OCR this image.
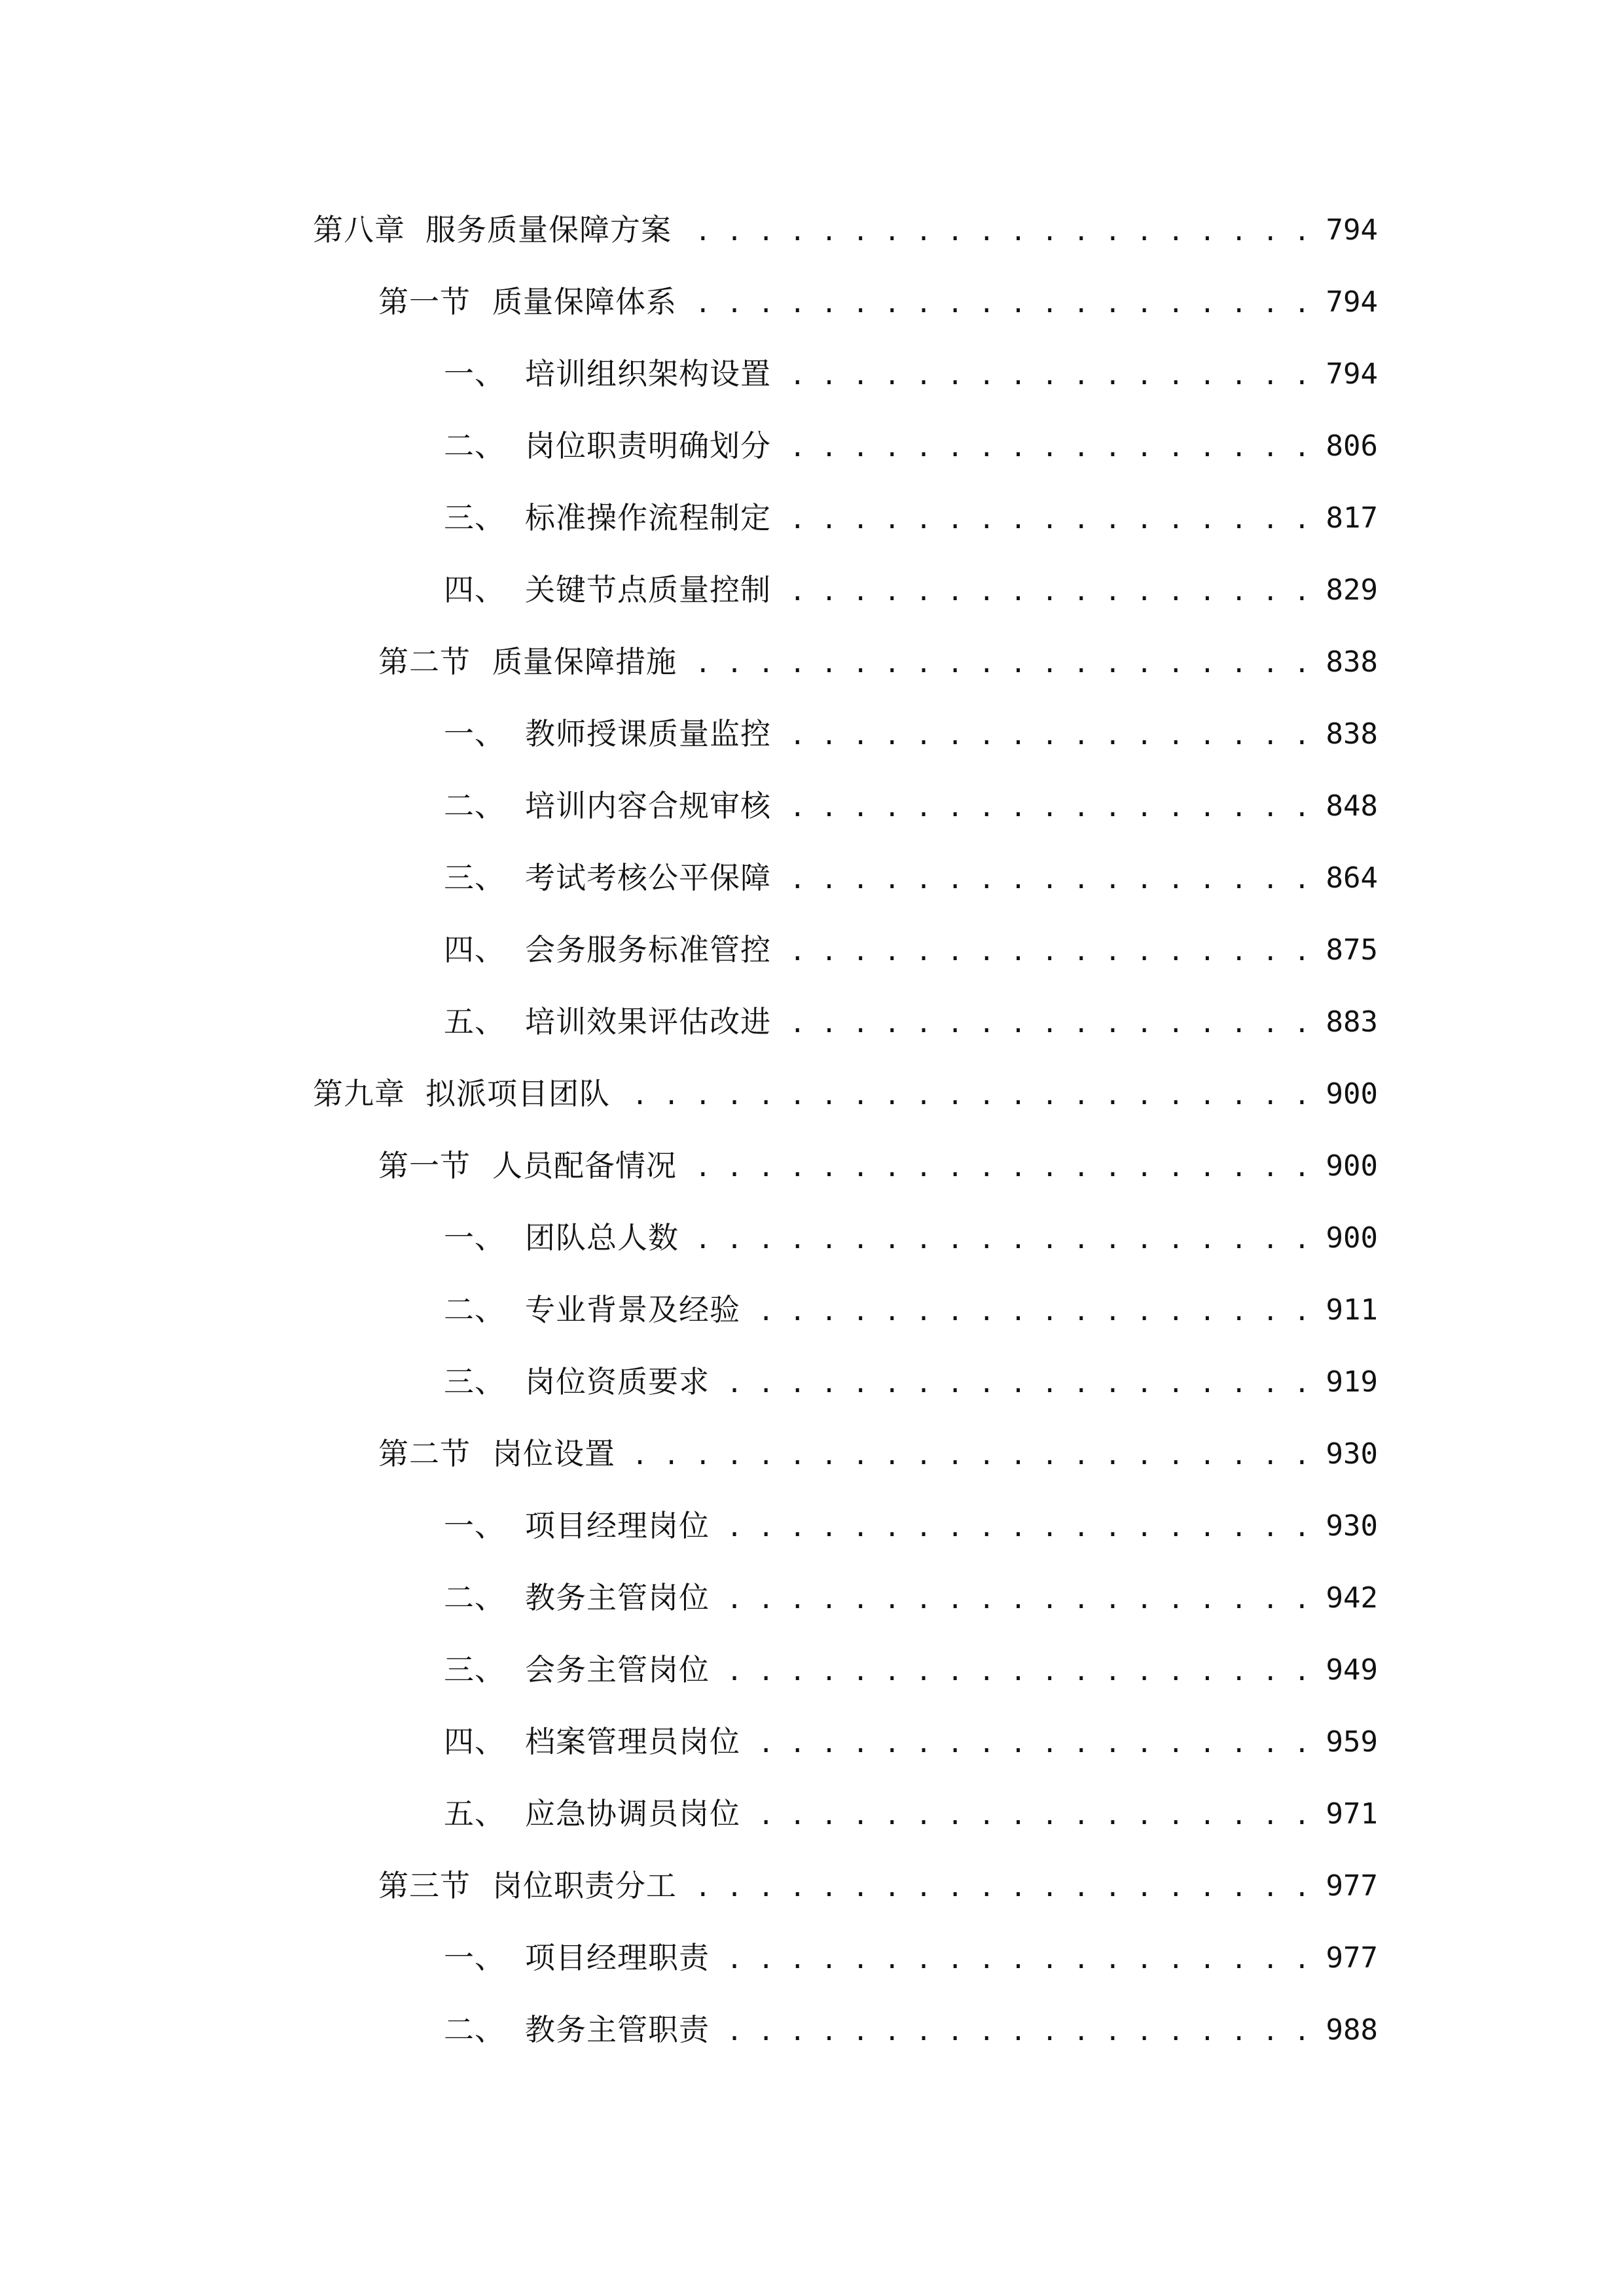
第八章 服务质量保障方案 . . .	794
第一节 质量保障体系 . . .	794
一、 培训组织架构设置 . . .	794
二、 岗位职责明确划分 . . .	806
三、 标准操作流程制定 . . .	817
四、 关键节点质量控制 . . .	829
第二节 质量保障措施 . . .	838
一、 教师授课质量监控 . . .	838
二、 培训内容合规审核 . . .	848
三、 考试考核公平保障 . . .	864
四、 会务服务标准管控 . . .	875
五、 培训效果评估改进 . . .	883
第九章 拟派项目团队 . . .	900
第一节 人员配备情况 . . .	900
一、 团队总人数 . . .	900
二、 专业背景及经验 . . .	911
三、 岗位资质要求 . . .	919
第二节 岗位设置 . . .	930
一、 项目经理岗位 . . .	930
二、 教务主管岗位 . . .	942
三、 会务主管岗位 . . .	949
四、 档案管理员岗位 . . .	959
五、 应急协调员岗位 . . .	971
第三节 岗位职责分工 . . .	977
一、 项目经理职责 . . .	977
二、 教务主管职责 . . .	988
